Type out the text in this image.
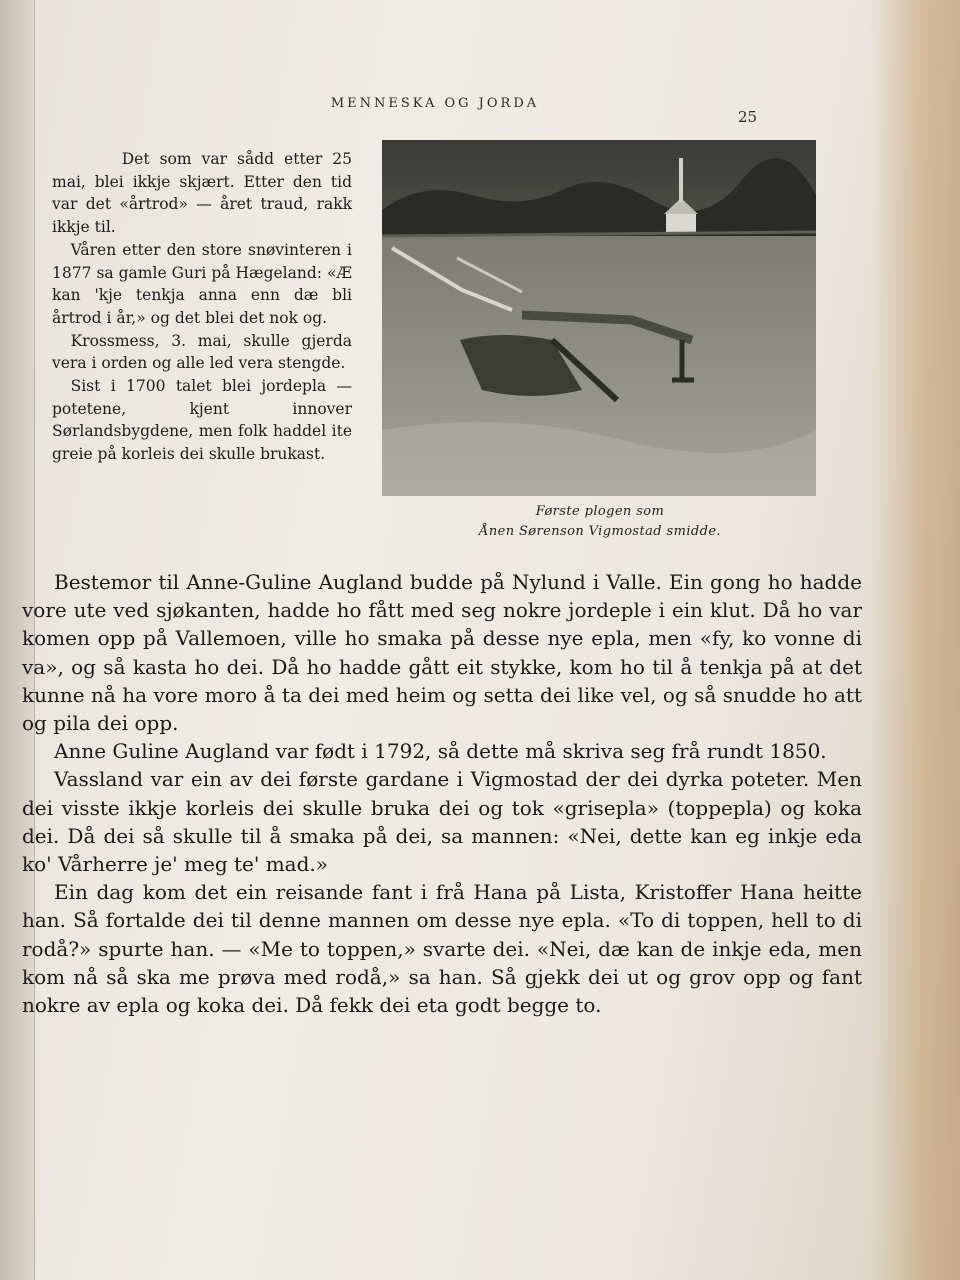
MENNESKA OG JORDA
25
Første plogen som
Ånen Sørenson Vigmostad smidde.

Det som var sådd etter 25 mai, blei ikkje skjært. Etter den tid var det «årtrod» — året traud, rakk ikkje til.

Våren etter den store snøvinteren i 1877 sa gamle Guri på Hægeland: «Æ kan 'kje tenkja anna enn dæ bli årtrod i år,» og det blei det nok og.

Krossmess, 3. mai, skulle gjerda vera i orden og alle led vera stengde.

Sist i 1700 talet blei jordepla — potetene, kjent innover Sørlandsbygdene, men folk haddel ite greie på korleis dei skulle brukast.

Bestemor til Anne-Guline Augland budde på Nylund i Valle. Ein gong ho hadde vore ute ved sjøkanten, hadde ho fått med seg nokre jordeple i ein klut. Då ho var komen opp på Vallemoen, ville ho smaka på desse nye epla, men «fy, ko vonne di va», og så kasta ho dei. Då ho hadde gått eit stykke, kom ho til å tenkja på at det kunne nå ha vore moro å ta dei med heim og setta dei like vel, og så snudde ho att og pila dei opp.

Anne Guline Augland var født i 1792, så dette må skriva seg frå rundt 1850.

Vassland var ein av dei første gardane i Vigmostad der dei dyrka poteter. Men dei visste ikkje korleis dei skulle bruka dei og tok «grisepla» (toppepla) og koka dei. Då dei så skulle til å smaka på dei, sa mannen: «Nei, dette kan eg inkje eda ko' Vårherre je' meg te' mad.»

Ein dag kom det ein reisande fant i frå Hana på Lista, Kristoffer Hana heitte han. Så fortalde dei til denne mannen om desse nye epla. «To di toppen, hell to di rodå?» spurte han. — «Me to toppen,» svarte dei. «Nei, dæ kan de inkje eda, men kom nå så ska me prøva med rodå,» sa han. Så gjekk dei ut og grov opp og fant nokre av epla og koka dei. Då fekk dei eta godt begge to.
